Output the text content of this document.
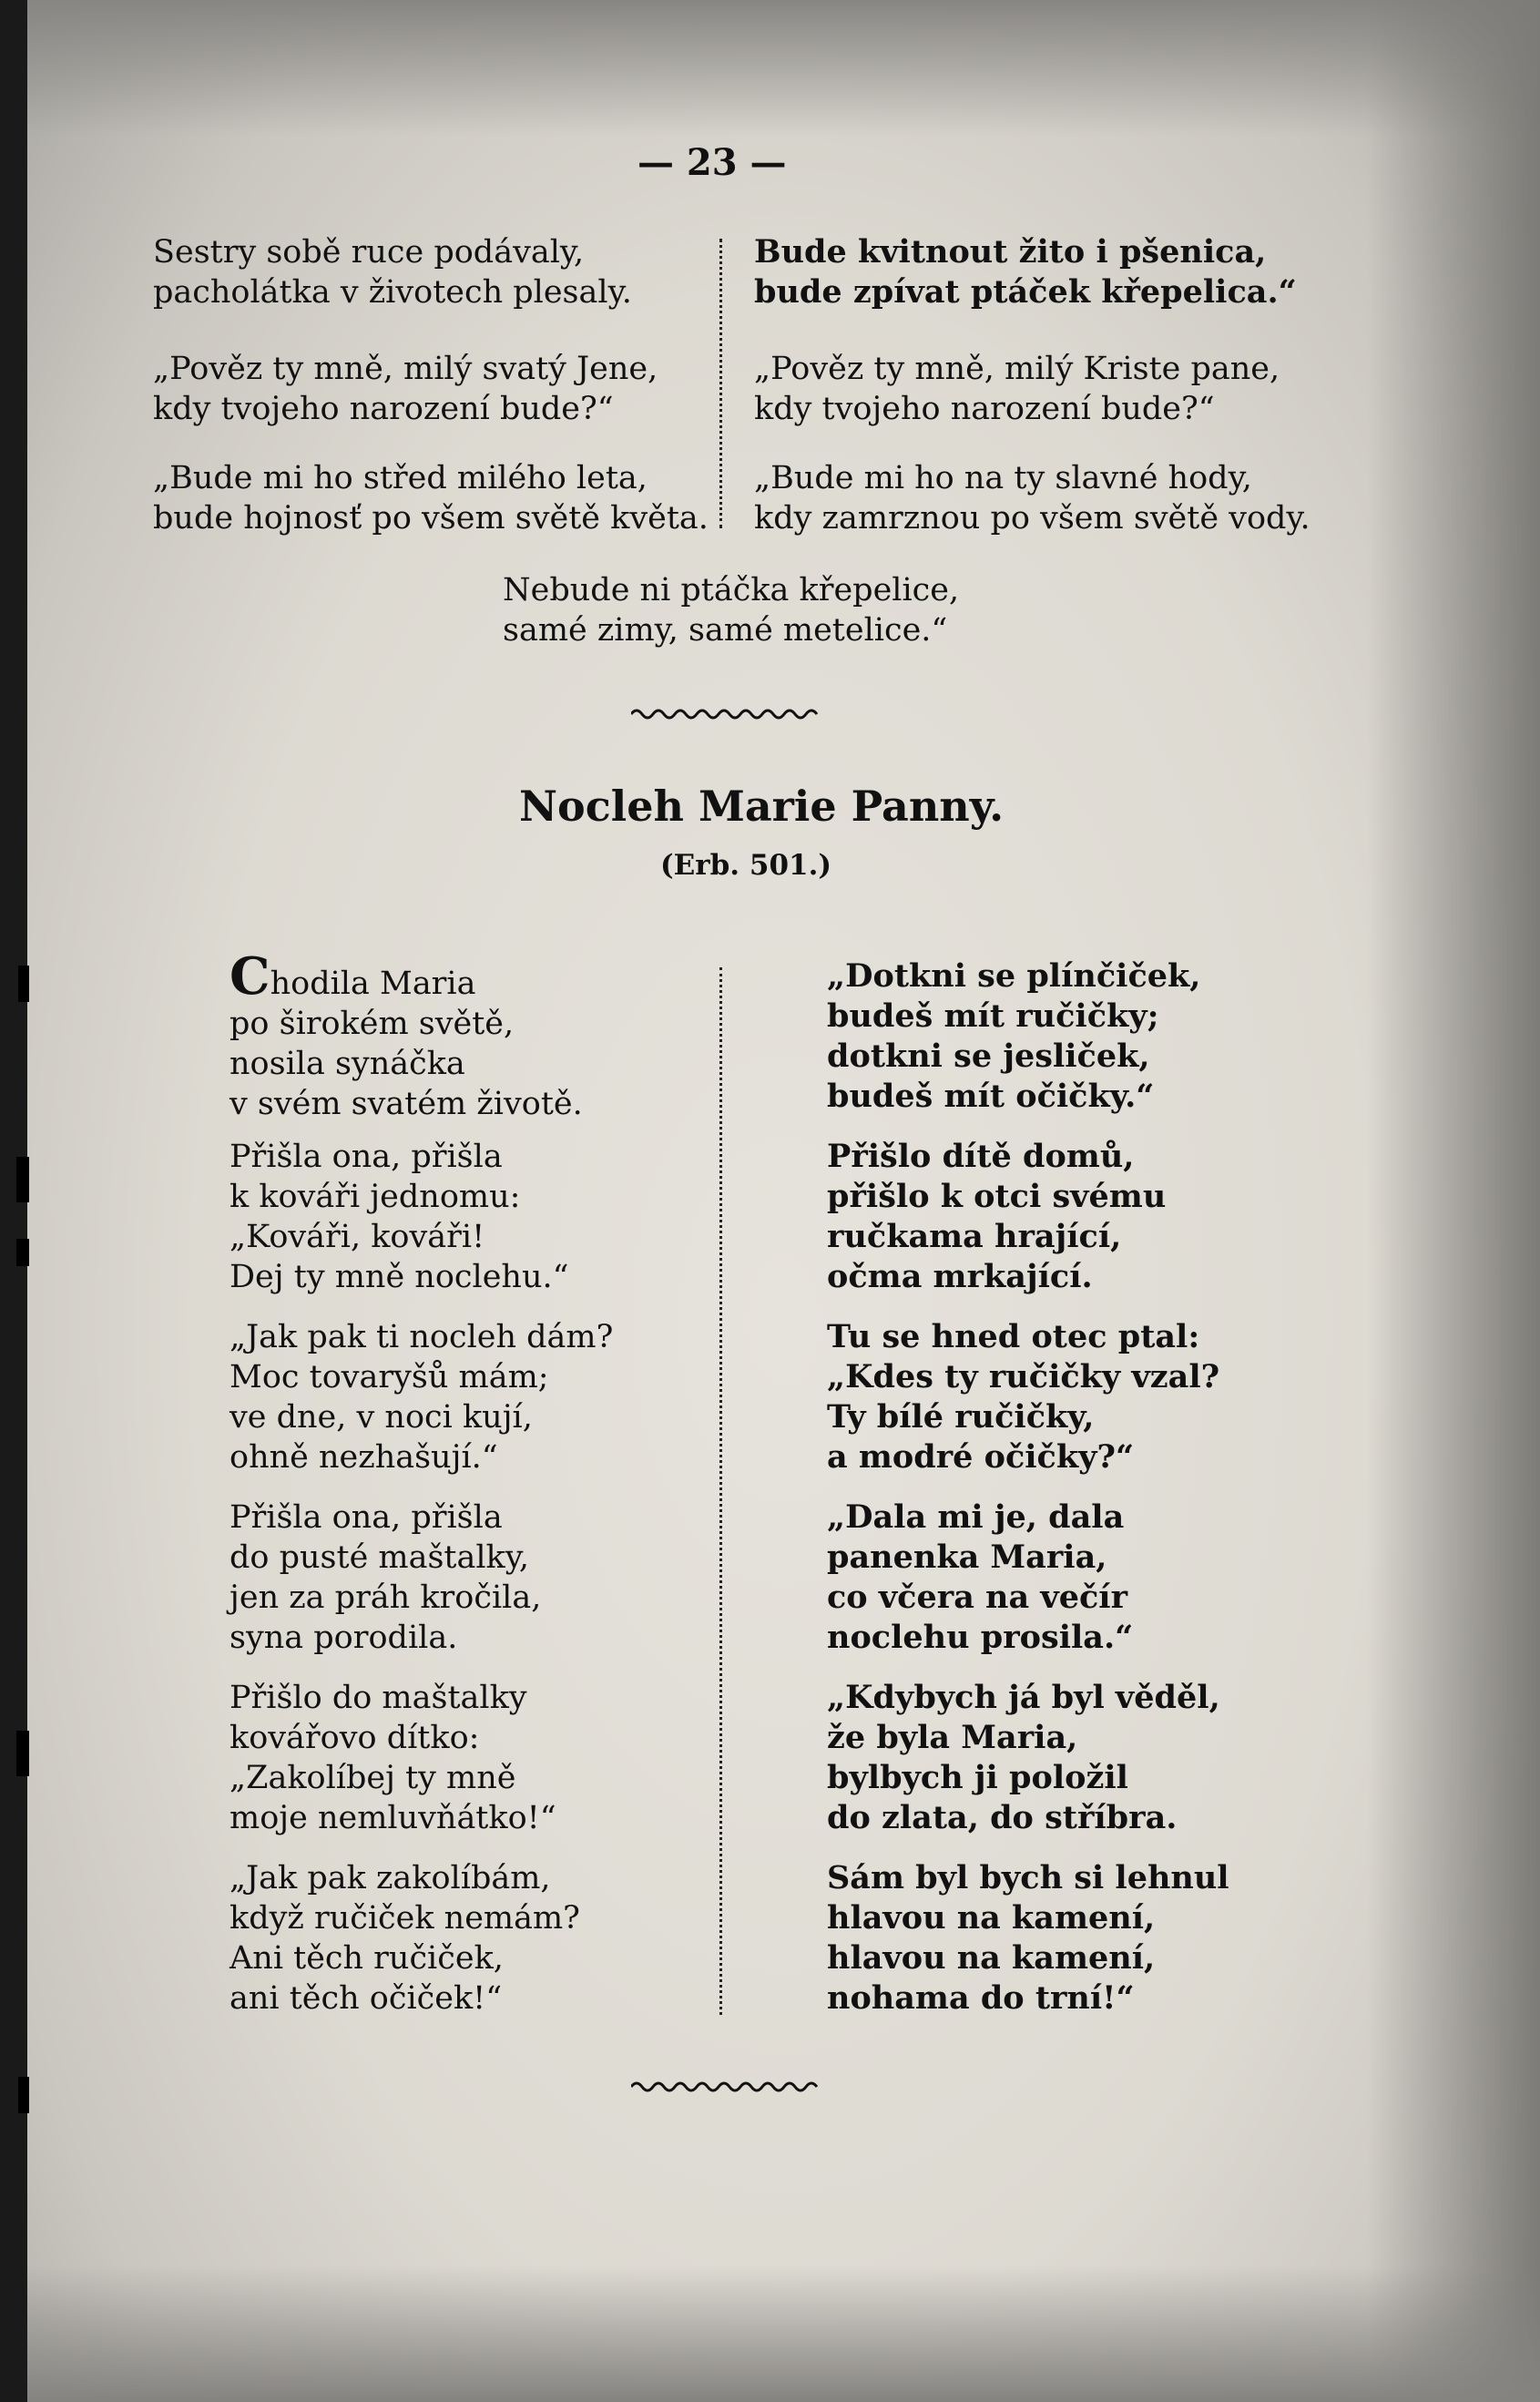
— 23 —
Sestry sobě ruce podávaly,
pacholátka v životech plesaly.
„Pověz ty mně, milý svatý Jene,
kdy tvojeho narození bude?“
„Bude mi ho střed milého leta,
bude hojnosť po všem světě květa.
Bude kvitnout žito i pšenica,
bude zpívat ptáček křepelica.“
„Pověz ty mně, milý Kriste pane,
kdy tvojeho narození bude?“
„Bude mi ho na ty slavné hody,
kdy zamrznou po všem světě vody.
Nebude ni ptáčka křepelice,
samé zimy, samé metelice.“
Nocleh Marie Panny.
(Erb. 501.)
Chodila Maria
po širokém světě,
nosila synáčka
v svém svatém životě.
Přišla ona, přišla
k kováři jednomu:
„Kováři, kováři!
Dej ty mně noclehu.“
„Jak pak ti nocleh dám?
Moc tovaryšů mám;
ve dne, v noci kují,
ohně nezhašují.“
Přišla ona, přišla
do pusté maštalky,
jen za práh kročila,
syna porodila.
Přišlo do maštalky
kovářovo dítko:
„Zakolíbej ty mně
moje nemluvňátko!“
„Jak pak zakolíbám,
když ručiček nemám?
Ani těch ručiček,
ani těch očiček!“
„Dotkni se plínčiček,
budeš mít ručičky;
dotkni se jesliček,
budeš mít očičky.“
Přišlo dítě domů,
přišlo k otci svému
ručkama hrající,
očma mrkající.
Tu se hned otec ptal:
„Kdes ty ručičky vzal?
Ty bílé ručičky,
a modré očičky?“
„Dala mi je, dala
panenka Maria,
co včera na večír
noclehu prosila.“
„Kdybych já byl věděl,
že byla Maria,
bylbych ji položil
do zlata, do stříbra.
Sám byl bych si lehnul
hlavou na kamení,
hlavou na kamení,
nohama do trní!“
